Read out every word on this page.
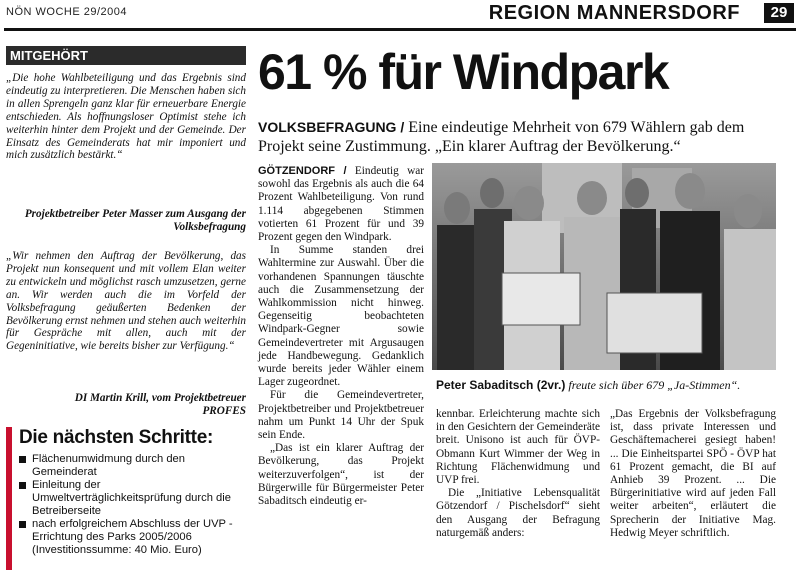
NÖN WOCHE 29/2004	REGION MANNERSDORF	29
MITGEHÖRT
„Die hohe Wahlbeteiligung und das Ergebnis sind eindeutig zu interpretieren. Die Menschen haben sich in allen Sprengeln ganz klar für erneuerbare Energie entschieden. Als hoffnungsloser Optimist stehe ich weiterhin hinter dem Projekt und der Gemeinde. Der Einsatz des Gemeinderats hat mir imponiert und mich zusätzlich bestärkt.“
Projektbetreiber Peter Masser zum Ausgang der Volksbefragung
„Wir nehmen den Auftrag der Bevölkerung, das Projekt nun konsequent und mit vollem Elan weiter zu entwickeln und möglichst rasch umzusetzen, gerne an. Wir werden auch die im Vorfeld der Volksbefragung geäußerten Bedenken der Bevölkerung ernst nehmen und stehen auch weiterhin für Gespräche mit allen, auch mit der Gegeninitiative, wie bereits bisher zur Verfügung.“
DI Martin Krill, vom Projektbetreuer
PROFES
Die nächsten Schritte:
Flächenumwidmung durch den Gemeinderat
Einleitung der Umweltverträglichkeitsprüfung durch die Betreiberseite
nach erfolgreichem Abschluss der UVP - Errichtung des Parks 2005/2006 (Investitionssumme: 40 Mio. Euro)
61 % für Windpark
VOLKSBEFRAGUNG / Eine eindeutige Mehrheit von 679 Wählern gab dem Projekt seine Zustimmung. „Ein klarer Auftrag der Bevölkerung.“

GÖTZENDORF / Eindeutig war sowohl das Ergebnis als auch die 64 Prozent Wahlbeteiligung. Von rund 1.114 abgegebenen Stimmen votierten 61 Prozent für und 39 Prozent gegen den Windpark.

In Summe standen drei Wahltermine zur Auswahl. Über die vorhandenen Spannungen täuschte auch die Zusammensetzung der Wahlkommission nicht hinweg. Gegenseitig beobachteten Windpark-Gegner sowie Gemeindevertreter mit Argusaugen jede Handbewegung. Gedanklich wurde bereits jeder Wähler einem Lager zugeordnet.

Für die Gemeindevertreter, Projektbetreiber und Projektbetreuer nahm um Punkt 14 Uhr der Spuk sein Ende.

„Das ist ein klarer Auftrag der Bevölkerung, das Projekt weiterzuverfolgen“, ist der Bürgerwille für Bürgermeister Peter Sabaditsch eindeutig er-

Peter Sabaditsch (2vr.) freute sich über 679 „Ja-Stimmen“.

kennbar. Erleichterung machte sich in den Gesichtern der Gemeinderäte breit. Unisono ist auch für ÖVP-Obmann Kurt Wimmer der Weg in Richtung Flächenwidmung und UVP frei.

Die „Initiative Lebensqualität Götzendorf / Pischelsdorf“ sieht den Ausgang der Befragung naturgemäß anders:

„Das Ergebnis der Volksbefragung ist, dass private Interessen und Geschäftemacherei gesiegt haben! ... Die Einheitspartei SPÖ - ÖVP hat 61 Prozent gemacht, die BI auf Anhieb 39 Prozent. ... Die Bürgerinitiative wird auf jeden Fall weiter arbeiten“, erläutert die Sprecherin der Initiative Mag. Hedwig Meyer schriftlich.
